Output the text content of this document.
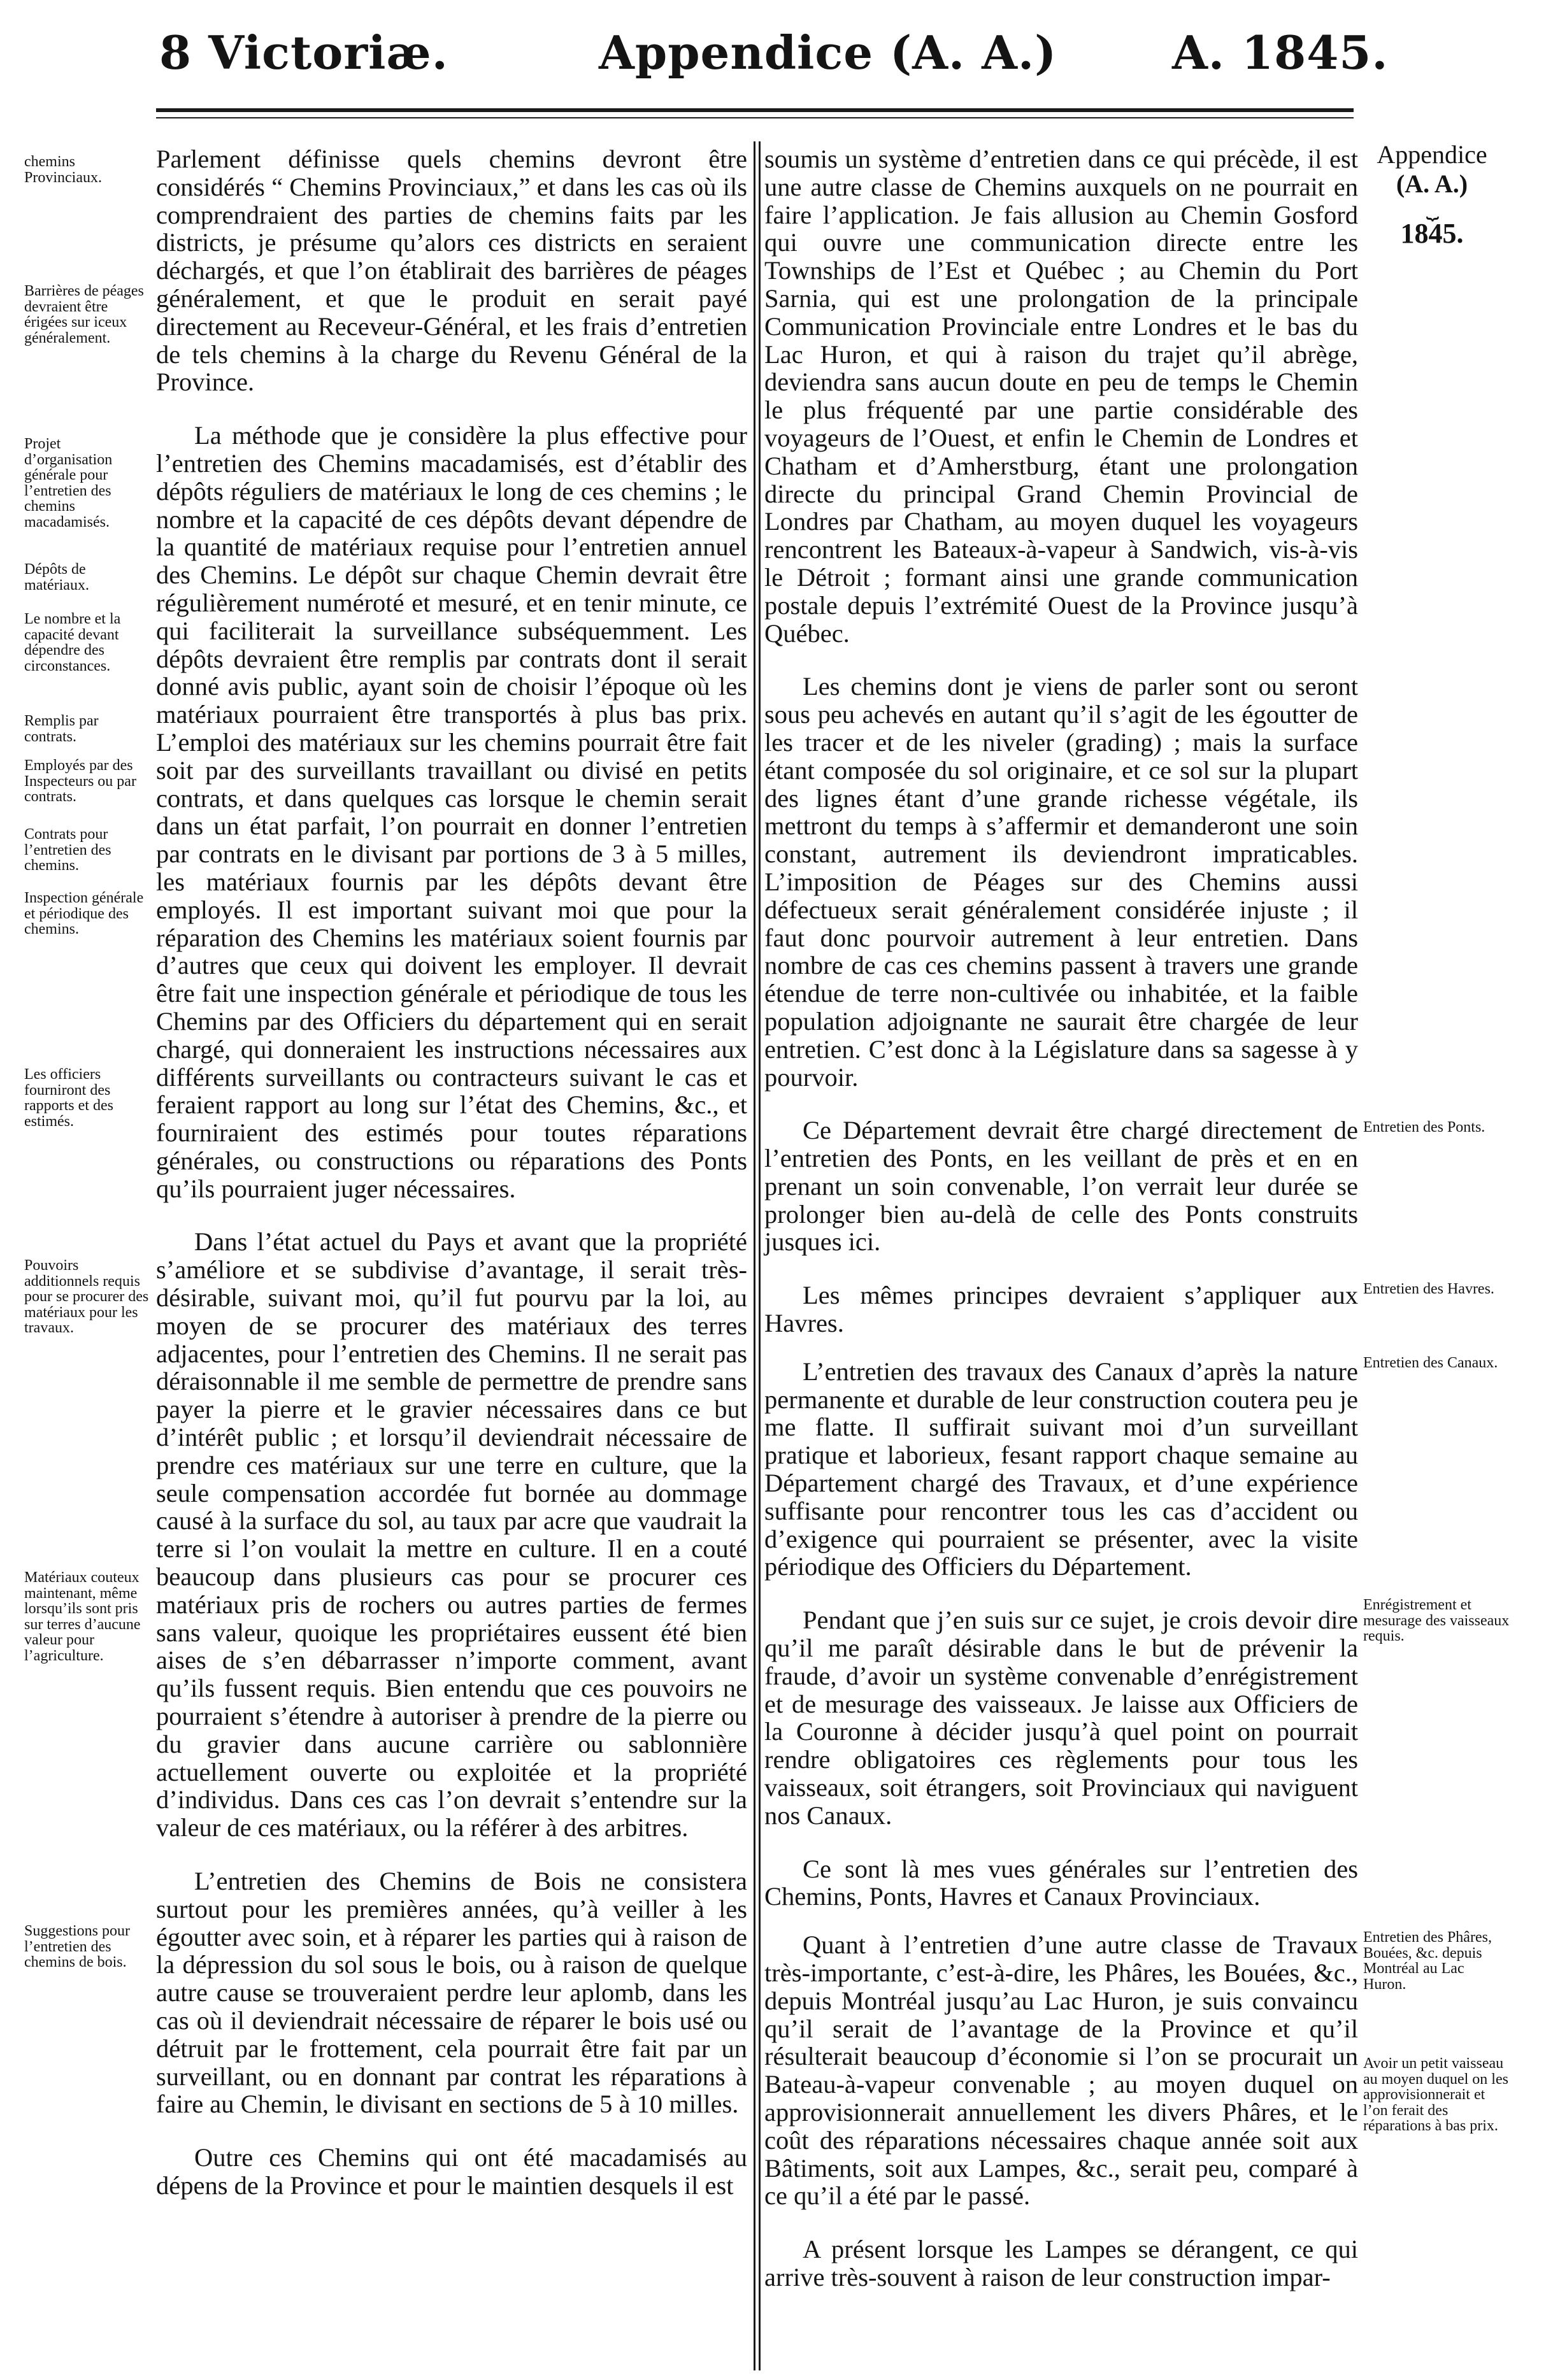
8 Victoriæ.	Appendice (A. A.)	A. 1845.

Parlement définisse quels chemins devront être considérés “ Chemins Provinciaux,” et dans les cas où ils comprendraient des parties de chemins faits par les districts, je présume qu’alors ces districts en seraient déchargés, et que l’on établirait des barrières de péages généralement, et que le produit en serait payé directement au Receveur-Général, et les frais d’entretien de tels chemins à la charge du Revenu Général de la Province.

La méthode que je considère la plus effective pour l’entretien des Chemins macadamisés, est d’établir des dépôts réguliers de matériaux le long de ces chemins ; le nombre et la capacité de ces dépôts devant dépendre de la quantité de matériaux requise pour l’entretien annuel des Chemins. Le dépôt sur chaque Chemin devrait être régulièrement numéroté et mesuré, et en tenir minute, ce qui faciliterait la surveillance subséquemment. Les dépôts devraient être remplis par contrats dont il serait donné avis public, ayant soin de choisir l’époque où les matériaux pourraient être transportés à plus bas prix. L’emploi des matériaux sur les chemins pourrait être fait soit par des surveillants travaillant ou divisé en petits contrats, et dans quelques cas lorsque le chemin serait dans un état parfait, l’on pourrait en donner l’entretien par contrats en le divisant par portions de 3 à 5 milles, les matériaux fournis par les dépôts devant être employés. Il est important suivant moi que pour la réparation des Chemins les matériaux soient fournis par d’autres que ceux qui doivent les employer. Il devrait être fait une inspection générale et périodique de tous les Chemins par des Officiers du département qui en serait chargé, qui donneraient les instructions nécessaires aux différents surveillants ou contracteurs suivant le cas et feraient rapport au long sur l’état des Chemins, &c., et fourniraient des estimés pour toutes réparations générales, ou constructions ou réparations des Ponts qu’ils pourraient juger nécessaires.

Dans l’état actuel du Pays et avant que la propriété s’améliore et se subdivise d’avantage, il serait très-désirable, suivant moi, qu’il fut pourvu par la loi, au moyen de se procurer des matériaux des terres adjacentes, pour l’entretien des Chemins. Il ne serait pas déraisonnable il me semble de permettre de prendre sans payer la pierre et le gravier nécessaires dans ce but d’intérêt public ; et lorsqu’il deviendrait nécessaire de prendre ces matériaux sur une terre en culture, que la seule compensation accordée fut bornée au dommage causé à la surface du sol, au taux par acre que vaudrait la terre si l’on voulait la mettre en culture. Il en a couté beaucoup dans plusieurs cas pour se procurer ces matériaux pris de rochers ou autres parties de fermes sans valeur, quoique les propriétaires eussent été bien aises de s’en débarrasser n’importe comment, avant qu’ils fussent requis. Bien entendu que ces pouvoirs ne pourraient s’étendre à autoriser à prendre de la pierre ou du gravier dans aucune carrière ou sablonnière actuellement ouverte ou exploitée et la propriété d’individus. Dans ces cas l’on devrait s’entendre sur la valeur de ces matériaux, ou la référer à des arbitres.

L’entretien des Chemins de Bois ne consistera surtout pour les premières années, qu’à veiller à les égoutter avec soin, et à réparer les parties qui à raison de la dépression du sol sous le bois, ou à raison de quelque autre cause se trouveraient perdre leur aplomb, dans les cas où il deviendrait nécessaire de réparer le bois usé ou détruit par le frottement, cela pourrait être fait par un surveillant, ou en donnant par contrat les réparations à faire au Chemin, le divisant en sections de 5 à 10 milles.

Outre ces Chemins qui ont été macadamisés au dépens de la Province et pour le maintien desquels il est

soumis un système d’entretien dans ce qui précède, il est une autre classe de Chemins auxquels on ne pourrait en faire l’application. Je fais allusion au Chemin Gosford qui ouvre une communication directe entre les Townships de l’Est et Québec ; au Chemin du Port Sarnia, qui est une prolongation de la principale Communication Provinciale entre Londres et le bas du Lac Huron, et qui à raison du trajet qu’il abrège, deviendra sans aucun doute en peu de temps le Chemin le plus fréquenté par une partie considérable des voyageurs de l’Ouest, et enfin le Chemin de Londres et Chatham et d’Amherstburg, étant une prolongation directe du principal Grand Chemin Provincial de Londres par Chatham, au moyen duquel les voyageurs rencontrent les Bateaux-à-vapeur à Sandwich, vis-à-vis le Détroit ; formant ainsi une grande communication postale depuis l’extrémité Ouest de la Province jusqu’à Québec.

Les chemins dont je viens de parler sont ou seront sous peu achevés en autant qu’il s’agit de les égoutter de les tracer et de les niveler (grading) ; mais la surface étant composée du sol originaire, et ce sol sur la plupart des lignes étant d’une grande richesse végétale, ils mettront du temps à s’affermir et demanderont une soin constant, autrement ils deviendront impraticables. L’imposition de Péages sur des Chemins aussi défectueux serait généralement considérée injuste ; il faut donc pourvoir autrement à leur entretien. Dans nombre de cas ces chemins passent à travers une grande étendue de terre non-cultivée ou inhabitée, et la faible population adjoignante ne saurait être chargée de leur entretien. C’est donc à la Législature dans sa sagesse à y pourvoir.

Ce Département devrait être chargé directement de l’entretien des Ponts, en les veillant de près et en en prenant un soin convenable, l’on verrait leur durée se prolonger bien au-delà de celle des Ponts construits jusques ici.

Les mêmes principes devraient s’appliquer aux Havres.

L’entretien des travaux des Canaux d’après la nature permanente et durable de leur construction coutera peu je me flatte. Il suffirait suivant moi d’un surveillant pratique et laborieux, fesant rapport chaque semaine au Département chargé des Travaux, et d’une expérience suffisante pour rencontrer tous les cas d’accident ou d’exigence qui pourraient se présenter, avec la visite périodique des Officiers du Département.

Pendant que j’en suis sur ce sujet, je crois devoir dire qu’il me paraît désirable dans le but de prévenir la fraude, d’avoir un système convenable d’enrégistrement et de mesurage des vaisseaux. Je laisse aux Officiers de la Couronne à décider jusqu’à quel point on pourrait rendre obligatoires ces règlements pour tous les vaisseaux, soit étrangers, soit Provinciaux qui naviguent nos Canaux.

Ce sont là mes vues générales sur l’entretien des Chemins, Ponts, Havres et Canaux Provinciaux.

Quant à l’entretien d’une autre classe de Travaux très-importante, c’est-à-dire, les Phâres, les Bouées, &c., depuis Montréal jusqu’au Lac Huron, je suis convaincu qu’il serait de l’avantage de la Province et qu’il résulterait beaucoup d’économie si l’on se procurait un Bateau-à-vapeur convenable ; au moyen duquel on approvisionnerait annuellement les divers Phâres, et le coût des réparations nécessaires chaque année soit aux Bâtiments, soit aux Lampes, &c., serait peu, comparé à ce qu’il a été par le passé.

A présent lorsque les Lampes se dérangent, ce qui arrive très-souvent à raison de leur construction impar-

Appendice
(A. A.)
⏟
1845.
chemins Provinciaux.
Barrières de péages devraient être érigées sur iceux généralement.
Projet d’organisation générale pour l’entretien des chemins macadamisés.
Dépôts de matériaux.
Le nombre et la capacité devant dépendre des circonstances.
Remplis par contrats.
Employés par des Inspecteurs ou par contrats.
Contrats pour l’entretien des chemins.
Inspection générale et périodique des chemins.
Les officiers fourniront des rapports et des estimés.
Pouvoirs additionnels requis pour se procurer des matériaux pour les travaux.
Matériaux couteux maintenant, même lorsqu’ils sont pris sur terres d’aucune valeur pour l’agriculture.
Suggestions pour l’entretien des chemins de bois.
Entretien des Ponts.
Entretien des Havres.
Entretien des Canaux.
Enrégistrement et mesurage des vaisseaux requis.
Entretien des Phâres, Bouées, &c. depuis Montréal au Lac Huron.
Avoir un petit vaisseau au moyen duquel on les approvisionnerait et l’on ferait des réparations à bas prix.
